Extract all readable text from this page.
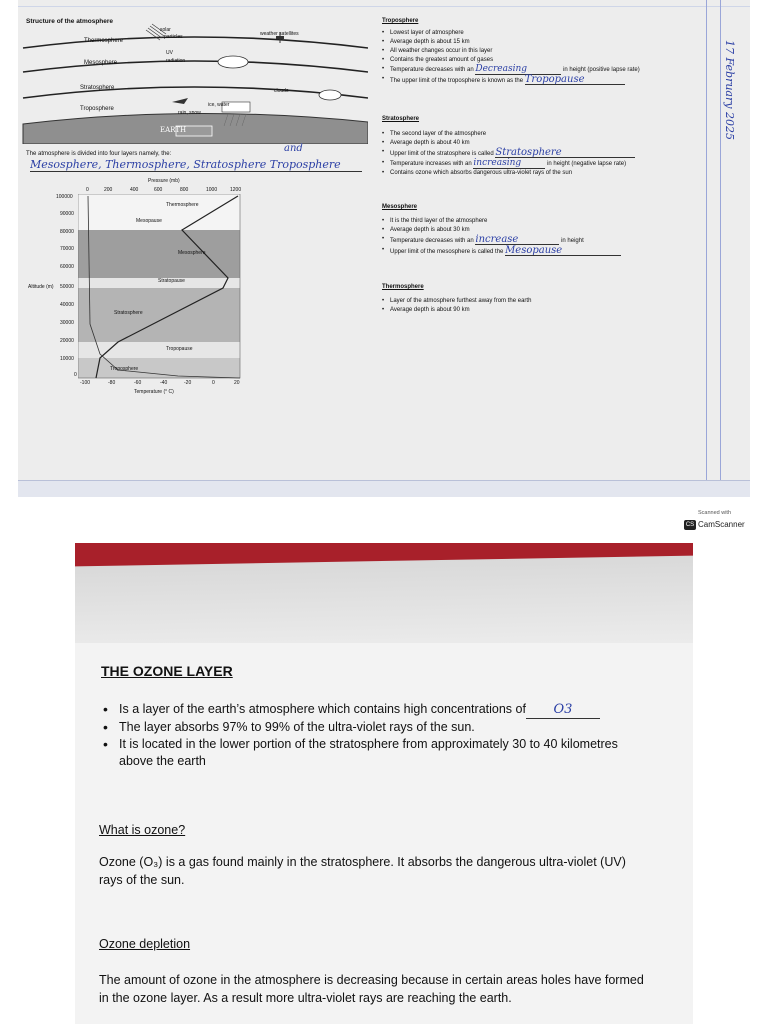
Structure of the atmosphere
Thermosphere
Mesosphere
Stratosphere
Troposphere
solar
particles
UV
radiation
weather satellites
clouds
rain, snow
ice, water
EARTH
The atmosphere is divided into four layers namely, the:	and
Mesosphere, Thermosphere, Stratosphere Troposphere
Pressure (mb)
0	200	400	600	800	1000	1200
Thermosphere
Mesopause
Mesosphere
Stratopause
Stratosphere
Tropopause
Troposphere
Altitude (m)
100000
90000
80000
70000
60000
50000
40000
30000
20000
10000
0
-100	-80	-60	-40	-20	0	20
Temperature (° C)
Troposphere
• Lowest layer of atmosphere
• Average depth is about 15 km
• All weather changes occur in this layer
• Contains the greatest amount of gases
• Temperature decreases with an Decreasing	in height (positive lapse rate)
• The upper limit of the troposphere is known as the Tropopause
Stratosphere
• The second layer of the atmosphere
• Average depth is about 40 km
• Upper limit of the stratosphere is called Stratosphere
• Temperature increases with an increasing	in height (negative lapse rate)
• Contains ozone which absorbs dangerous ultra-violet rays of the sun
Mesosphere
• It is the third layer of the atmosphere
• Average depth is about 30 km
• Temperature decreases with an increase	in height
• Upper limit of the mesosphere is called the Mesopause
Thermosphere
• Layer of the atmosphere furthest away from the earth
• Average depth is about 90 km
17 February 2025
Scanned with
CS CamScanner
THE OZONE LAYER
• Is a layer of the earth’s atmosphere which contains high concentrations of O3
• The layer absorbs 97% to 99% of the ultra-violet rays of the sun.
• It is located in the lower portion of the stratosphere from approximately 30 to 40 kilometres above the earth
What is ozone?
Ozone (O₃) is a gas found mainly in the stratosphere. It absorbs the dangerous ultra-violet (UV) rays of the sun.
Ozone depletion
The amount of ozone in the atmosphere is decreasing because in certain areas holes have formed in the ozone layer. As a result more ultra-violet rays are reaching the earth.
